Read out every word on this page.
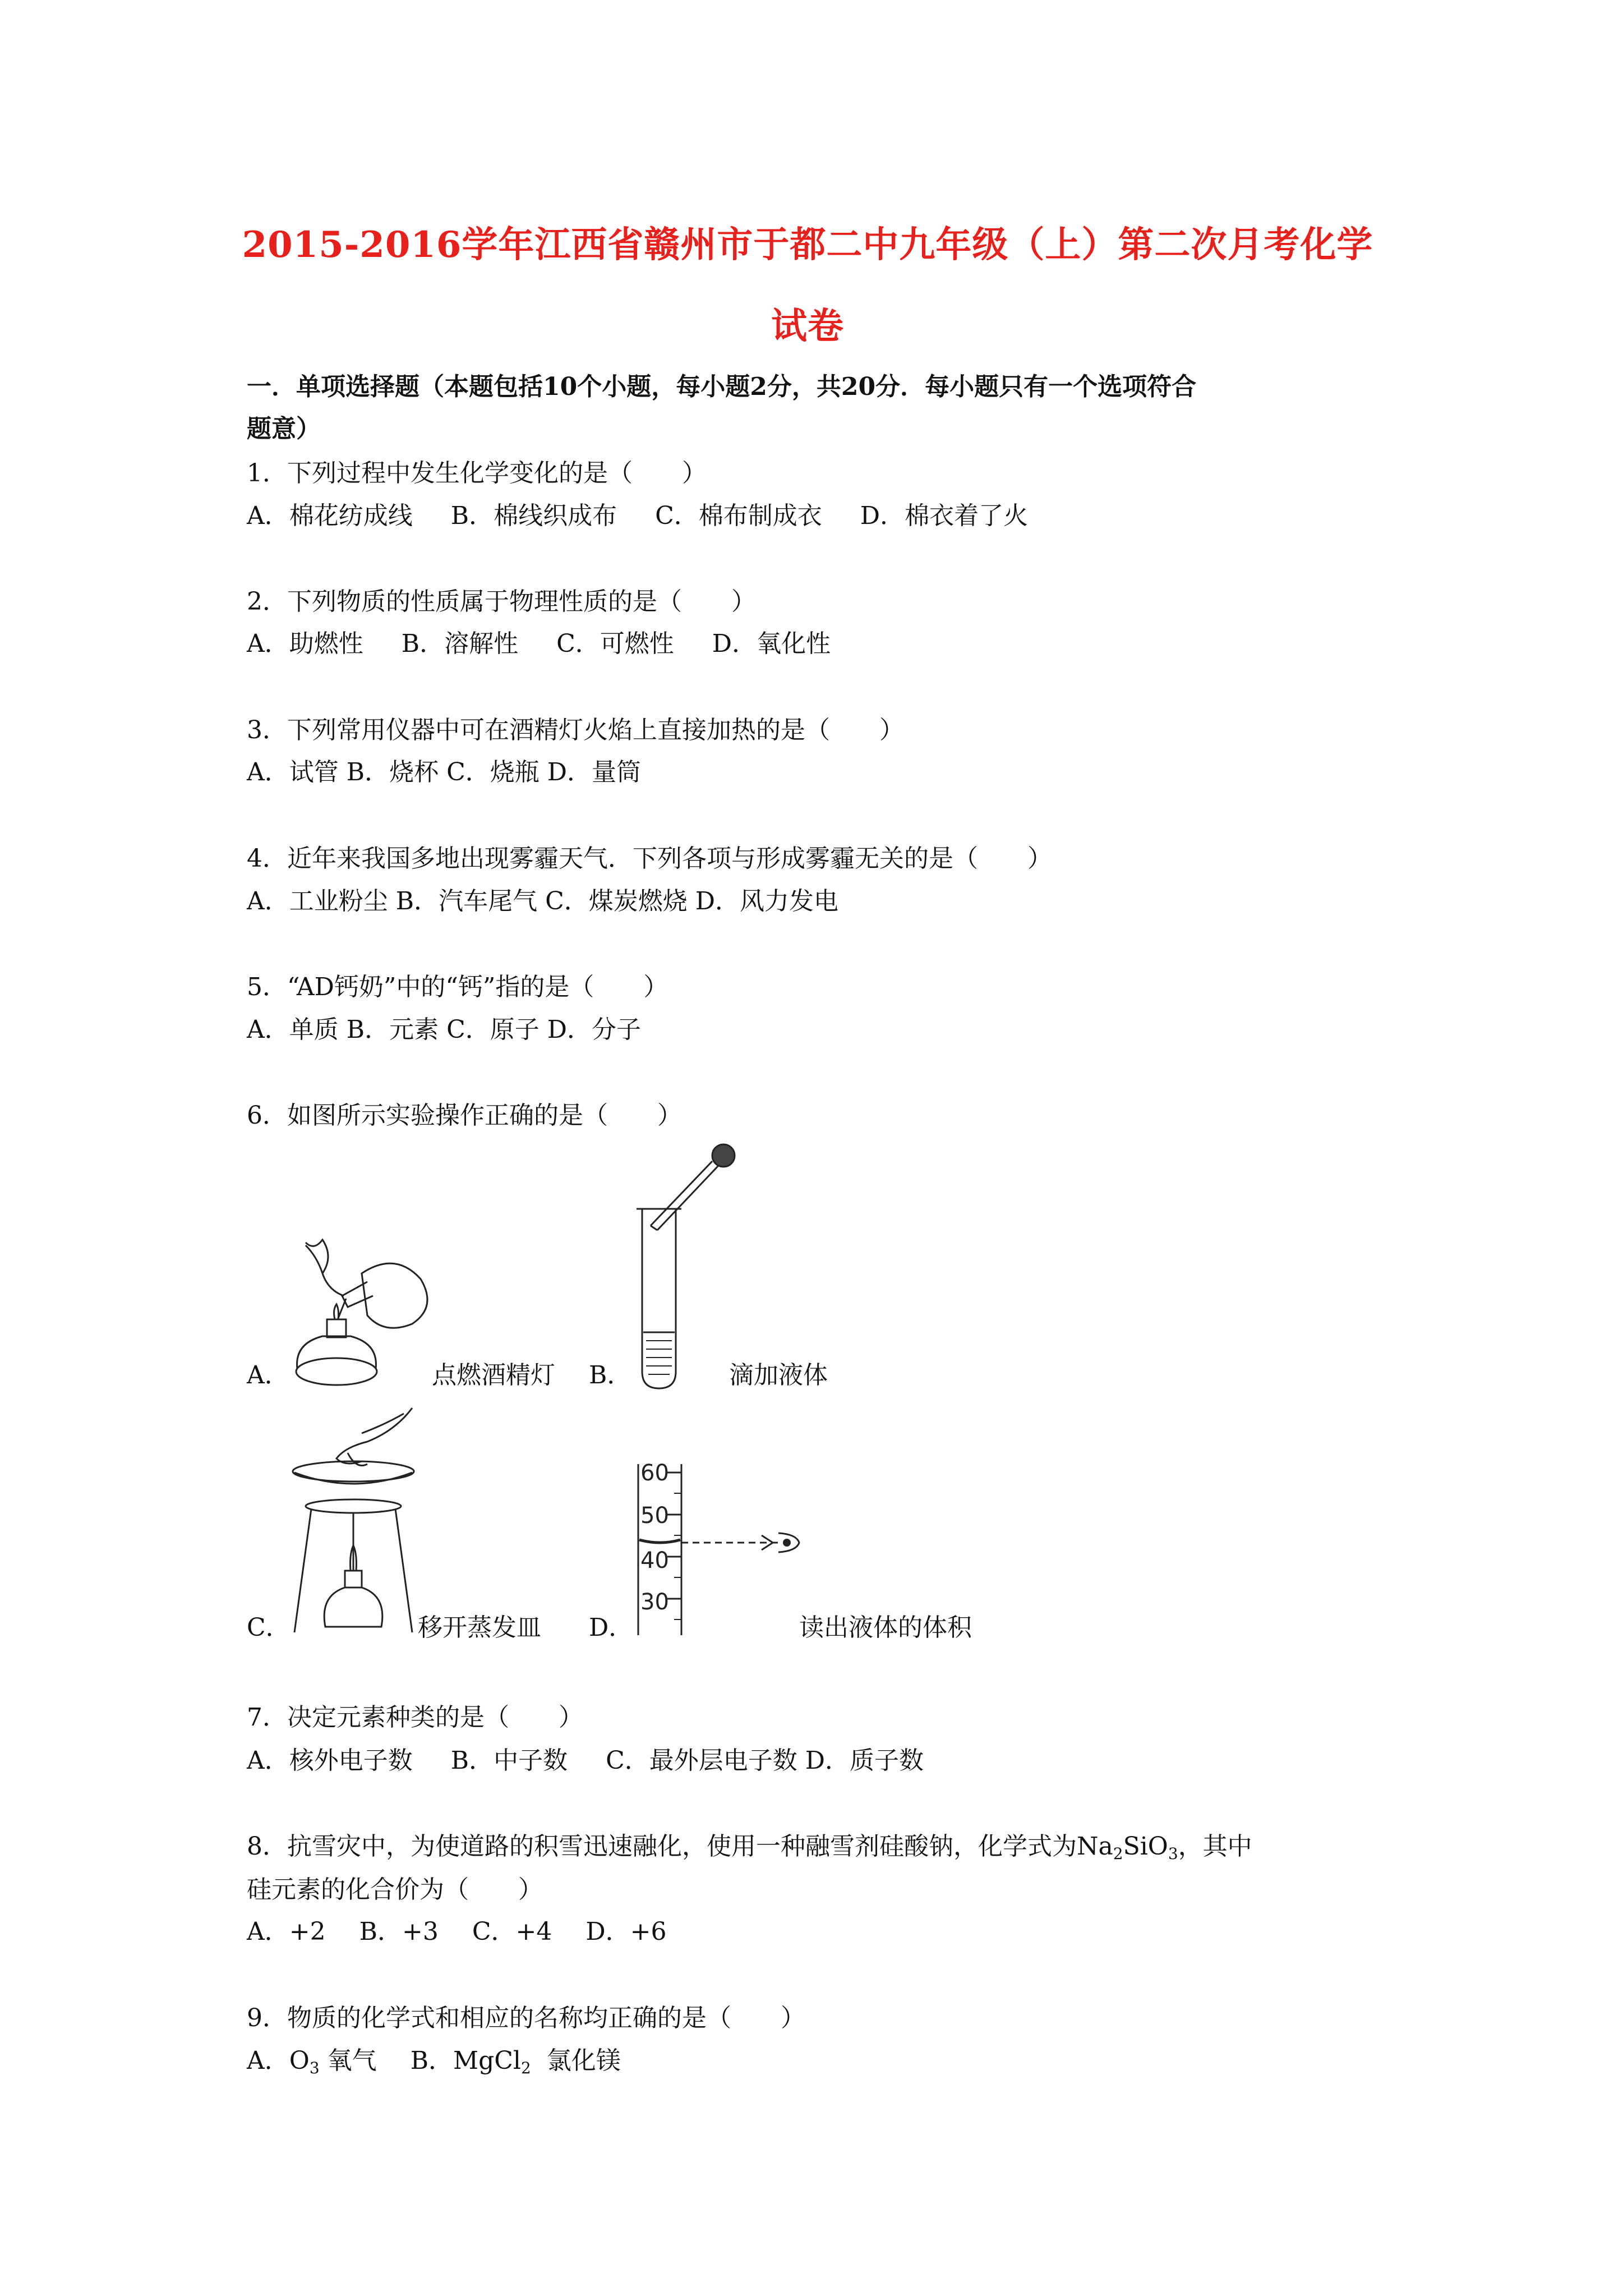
2015-2016学年江西省赣州市于都二中九年级（上）第二次月考化学
试卷
一．单项选择题（本题包括10个小题，每小题2分，共20分．每小题只有一个选项符合
题意）
1．下列过程中发生化学变化的是（　　）
A．棉花纺成线 B．棉线织成布 C．棉布制成衣 D．棉衣着了火
2．下列物质的性质属于物理性质的是（　　）
A．助燃性 B．溶解性 C．可燃性 D．氧化性
3．下列常用仪器中可在酒精灯火焰上直接加热的是（　　）
A．试管 B．烧杯 C．烧瓶 D．量筒
4．近年来我国多地出现雾霾天气．下列各项与形成雾霾无关的是（　　）
A．工业粉尘 B．汽车尾气 C．煤炭燃烧 D．风力发电
5．“AD钙奶”中的“钙”指的是（　　）
A．单质 B．元素 C．原子 D．分子
6．如图所示实验操作正确的是（　　）
A．	点燃酒精灯 B．	滴加液体
C．	移开蒸发皿 D．
60
50
40
30
读出液体的体积
7．决定元素种类的是（　　）
A．核外电子数 B．中子数 C．最外层电子数 D．质子数
8．抗雪灾中，为使道路的积雪迅速融化，使用一种融雪剂硅酸钠，化学式为$Na_2SiO_3$，其中
硅元素的化合价为（　　）
A．+2 B．+3 C．+4 D．+6
9．物质的化学式和相应的名称均正确的是（　　）
A．$O_3$ 氧气 B．MgCl$_2$  氯化镁
